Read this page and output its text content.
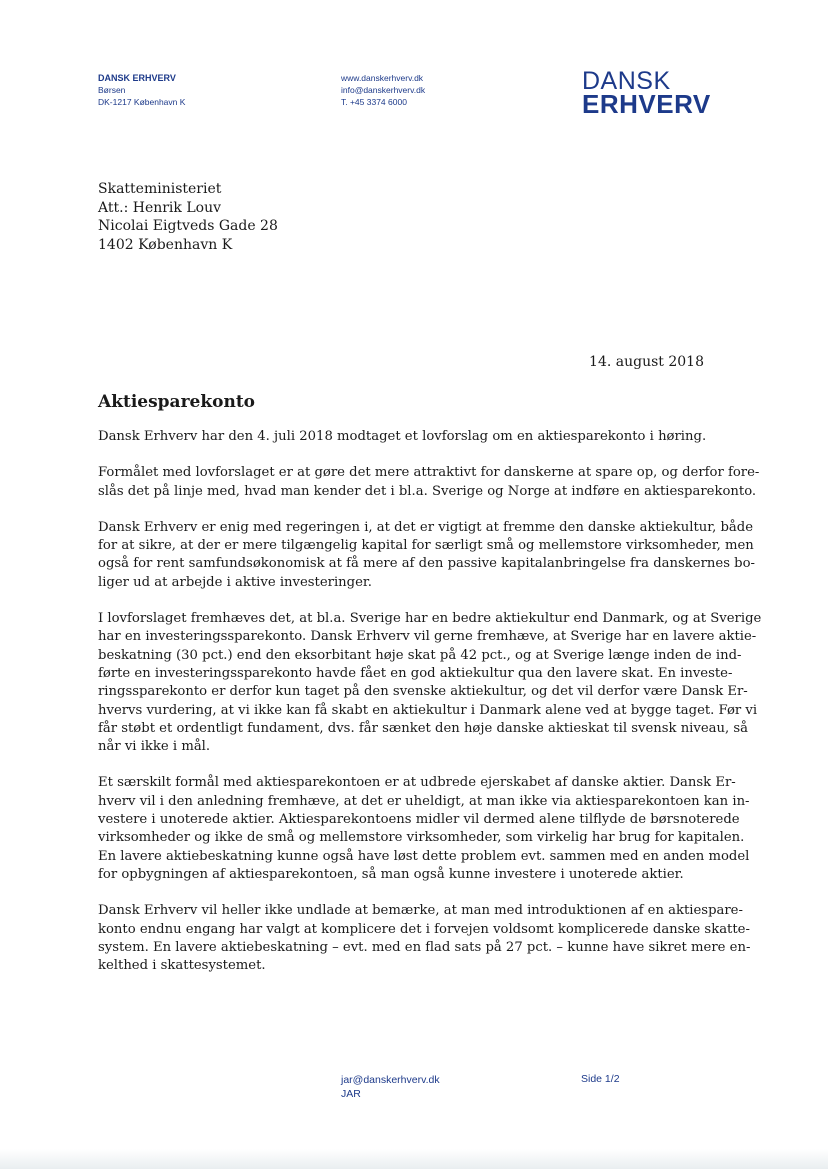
DANSK ERHVERV
Børsen
DK-1217 København K
www.danskerhverv.dk
info@danskerhverv.dk
T. +45 3374 6000
DANSK
ERHVERV
Skatteministeriet
Att.: Henrik Louv
Nicolai Eigtveds Gade 28
1402 København K
14. august 2018
Aktiesparekonto

Dansk Erhverv har den 4. juli 2018 modtaget et lovforslag om en aktiesparekonto i høring.

Formålet med lovforslaget er at gøre det mere attraktivt for danskerne at spare op, og derfor fore-
slås det på linje med, hvad man kender det i bl.a. Sverige og Norge at indføre en aktiesparekonto.

Dansk Erhverv er enig med regeringen i, at det er vigtigt at fremme den danske aktiekultur, både
for at sikre, at der er mere tilgængelig kapital for særligt små og mellemstore virksomheder, men
også for rent samfundsøkonomisk at få mere af den passive kapitalanbringelse fra danskernes bo-
liger ud at arbejde i aktive investeringer.

I lovforslaget fremhæves det, at bl.a. Sverige har en bedre aktiekultur end Danmark, og at Sverige
har en investeringssparekonto. Dansk Erhverv vil gerne fremhæve, at Sverige har en lavere aktie-
beskatning (30 pct.) end den eksorbitant høje skat på 42 pct., og at Sverige længe inden de ind-
førte en investeringssparekonto havde fået en god aktiekultur qua den lavere skat. En investe-
ringssparekonto er derfor kun taget på den svenske aktiekultur, og det vil derfor være Dansk Er-
hvervs vurdering, at vi ikke kan få skabt en aktiekultur i Danmark alene ved at bygge taget. Før vi
får støbt et ordentligt fundament, dvs. får sænket den høje danske aktieskat til svensk niveau, så
når vi ikke i mål.

Et særskilt formål med aktiesparekontoen er at udbrede ejerskabet af danske aktier. Dansk Er-
hverv vil i den anledning fremhæve, at det er uheldigt, at man ikke via aktiesparekontoen kan in-
vestere i unoterede aktier. Aktiesparekontoens midler vil dermed alene tilflyde de børsnoterede
virksomheder og ikke de små og mellemstore virksomheder, som virkelig har brug for kapitalen.
En lavere aktiebeskatning kunne også have løst dette problem evt. sammen med en anden model
for opbygningen af aktiesparekontoen, så man også kunne investere i unoterede aktier.

Dansk Erhverv vil heller ikke undlade at bemærke, at man med introduktionen af en aktiespare-
konto endnu engang har valgt at komplicere det i forvejen voldsomt komplicerede danske skatte-
system. En lavere aktiebeskatning – evt. med en flad sats på 27 pct. – kunne have sikret mere en-
kelthed i skattesystemet.

jar@danskerhverv.dk
JAR
Side 1/2
